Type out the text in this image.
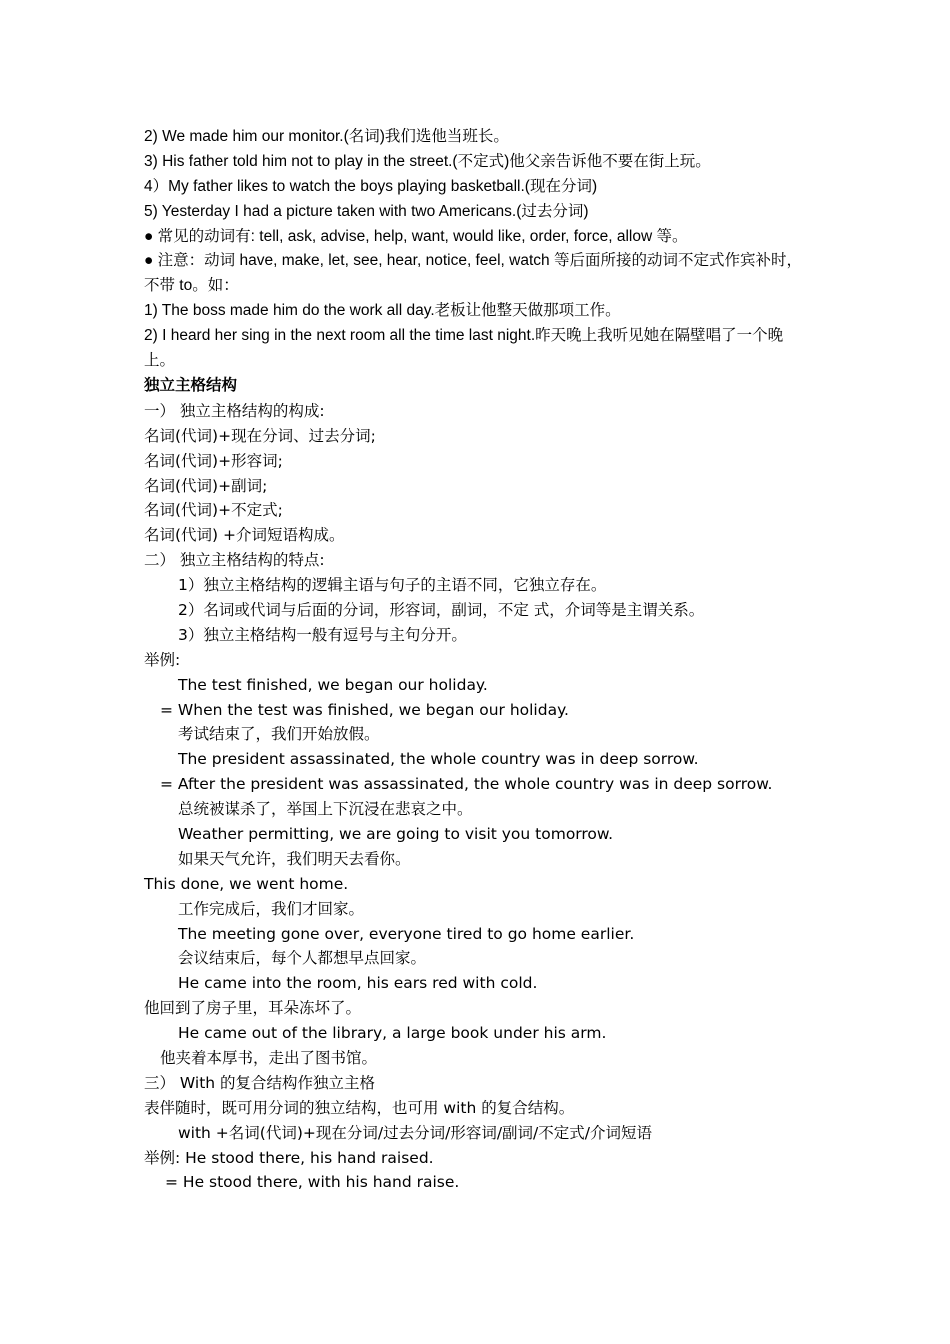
2) We made him our monitor.(名词)我们选他当班长。
3) His father told him not to play in the street.(不定式)他父亲告诉他不要在街上玩。
4）My father likes to watch the boys playing basketball.(现在分词)
5) Yesterday I had a picture taken with two Americans.(过去分词)
● 常见的动词有: tell, ask, advise, help, want, would like, order, force, allow 等。
● 注意：动词 have, make, let, see, hear, notice, feel, watch 等后面所接的动词不定式作宾补时，不带 to。如：
1) The boss made him do the work all day.老板让他整天做那项工作。
2) I heard her sing in the next room all the time last night.昨天晚上我听见她在隔壁唱了一个晚上。
独立主格结构
一） 独立主格结构的构成:
名词(代词)+现在分词、过去分词;
名词(代词)+形容词;
名词(代词)+副词;
名词(代词)+不定式;
名词(代词) +介词短语构成。
二） 独立主格结构的特点:
1）独立主格结构的逻辑主语与句子的主语不同，它独立存在。
2）名词或代词与后面的分词，形容词，副词，不定 式，介词等是主谓关系。
3）独立主格结构一般有逗号与主句分开。
举例:
The test finished, we began our holiday.
= When the test was finished, we began our holiday.
考试结束了，我们开始放假。
The president assassinated, the whole country was in deep sorrow.
= After the president was assassinated, the whole country was in deep sorrow.
总统被谋杀了，举国上下沉浸在悲哀之中。
Weather permitting, we are going to visit you tomorrow.
如果天气允许，我们明天去看你。
This done, we went home.
工作完成后，我们才回家。
The meeting gone over, everyone tired to go home earlier.
会议结束后，每个人都想早点回家。
He came into the room, his ears red with cold.
他回到了房子里，耳朵冻坏了。
He came out of the library, a large book under his arm.
他夹着本厚书，走出了图书馆。
三） With 的复合结构作独立主格
表伴随时，既可用分词的独立结构，也可用 with 的复合结构。
with +名词(代词)+现在分词/过去分词/形容词/副词/不定式/介词短语
举例: He stood there, his hand raised.
= He stood there, with his hand raise.
